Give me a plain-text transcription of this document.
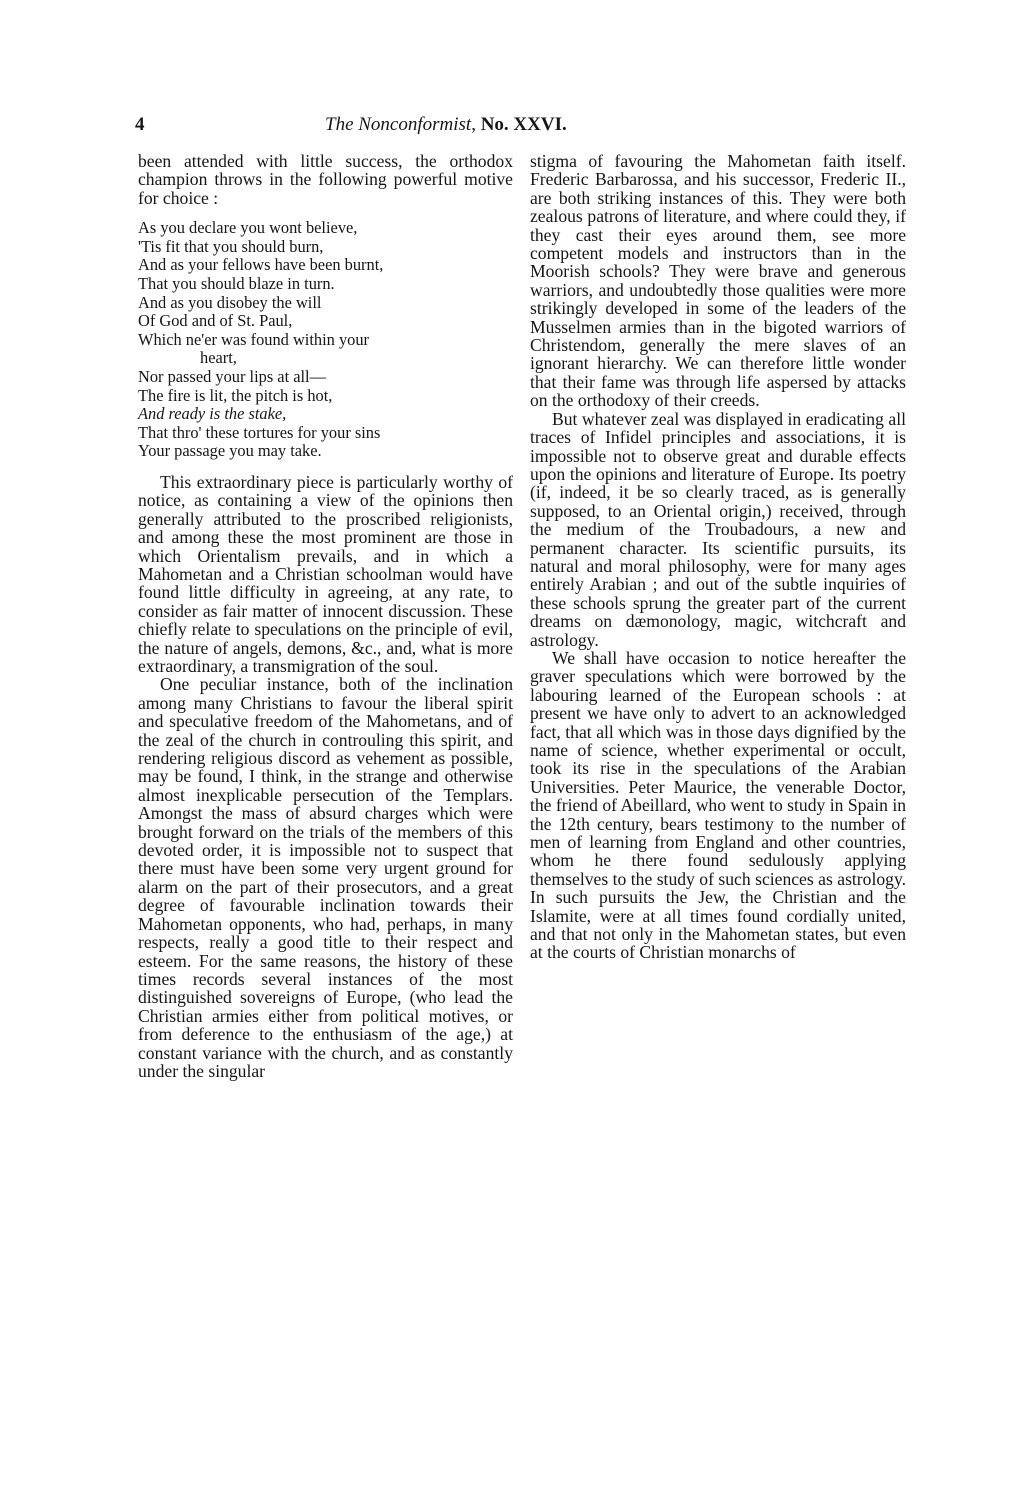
4	The Nonconformist, No. XXVI.

been attended with little success, the orthodox champion throws in the following powerful motive for choice :

As you declare you wont believe,
'Tis fit that you should burn,
And as your fellows have been burnt,
That you should blaze in turn.
And as you disobey the will
Of God and of St. Paul,
Which ne'er was found within your
heart,
Nor passed your lips at all—
The fire is lit, the pitch is hot,
And ready is the stake,
That thro' these tortures for your sins
Your passage you may take.

This extraordinary piece is particularly worthy of notice, as containing a view of the opinions then generally attributed to the proscribed religionists, and among these the most prominent are those in which Orientalism prevails, and in which a Mahometan and a Christian schoolman would have found little difficulty in agreeing, at any rate, to consider as fair matter of innocent discussion. These chiefly relate to speculations on the principle of evil, the nature of angels, demons, &c., and, what is more extraordinary, a transmigration of the soul.

One peculiar instance, both of the inclination among many Christians to favour the liberal spirit and speculative freedom of the Mahometans, and of the zeal of the church in controuling this spirit, and rendering religious discord as vehement as possible, may be found, I think, in the strange and otherwise almost inexplicable persecution of the Templars. Amongst the mass of absurd charges which were brought forward on the trials of the members of this devoted order, it is impossible not to suspect that there must have been some very urgent ground for alarm on the part of their prosecutors, and a great degree of favourable inclination towards their Mahometan opponents, who had, perhaps, in many respects, really a good title to their respect and esteem. For the same reasons, the history of these times records several instances of the most distinguished sovereigns of Europe, (who lead the Christian armies either from political motives, or from deference to the enthusiasm of the age,) at constant variance with the church, and as constantly under the singular

stigma of favouring the Mahometan faith itself. Frederic Barbarossa, and his successor, Frederic II., are both striking instances of this. They were both zealous patrons of literature, and where could they, if they cast their eyes around them, see more competent models and instructors than in the Moorish schools? They were brave and generous warriors, and undoubtedly those qualities were more strikingly developed in some of the leaders of the Musselmen armies than in the bigoted warriors of Christendom, generally the mere slaves of an ignorant hierarchy. We can therefore little wonder that their fame was through life aspersed by attacks on the orthodoxy of their creeds.

But whatever zeal was displayed in eradicating all traces of Infidel principles and associations, it is impossible not to observe great and durable effects upon the opinions and literature of Europe. Its poetry (if, indeed, it be so clearly traced, as is generally supposed, to an Oriental origin,) received, through the medium of the Troubadours, a new and permanent character. Its scientific pursuits, its natural and moral philosophy, were for many ages entirely Arabian ; and out of the subtle inquiries of these schools sprung the greater part of the current dreams on dæmonology, magic, witchcraft and astrology.

We shall have occasion to notice hereafter the graver speculations which were borrowed by the labouring learned of the European schools : at present we have only to advert to an acknowledged fact, that all which was in those days dignified by the name of science, whether experimental or occult, took its rise in the speculations of the Arabian Universities. Peter Maurice, the venerable Doctor, the friend of Abeillard, who went to study in Spain in the 12th century, bears testimony to the number of men of learning from England and other countries, whom he there found sedulously applying themselves to the study of such sciences as astrology. In such pursuits the Jew, the Christian and the Islamite, were at all times found cordially united, and that not only in the Mahometan states, but even at the courts of Christian monarchs of
